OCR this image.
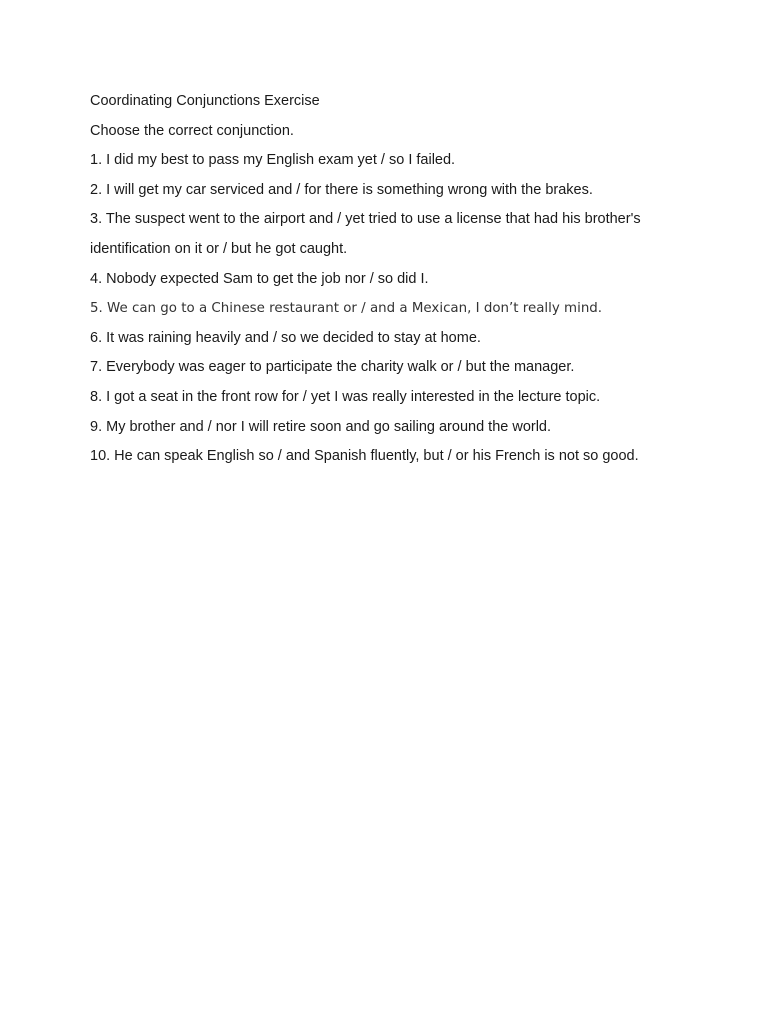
Coordinating Conjunctions Exercise

Choose the correct conjunction.

1. I did my best to pass my English exam yet / so I failed.

2. I will get my car serviced and / for there is something wrong with the brakes.

3. The suspect went to the airport and / yet tried to use a license that had his brother's

identification on it or / but he got caught.

4. Nobody expected Sam to get the job nor / so did I.

5. We can go to a Chinese restaurant or / and a Mexican, I don’t really mind.

6. It was raining heavily and / so we decided to stay at home.

7. Everybody was eager to participate the charity walk or / but the manager.

8. I got a seat in the front row for / yet I was really interested in the lecture topic.

9. My brother and / nor I will retire soon and go sailing around the world.

10. He can speak English so / and Spanish fluently, but / or his French is not so good.
